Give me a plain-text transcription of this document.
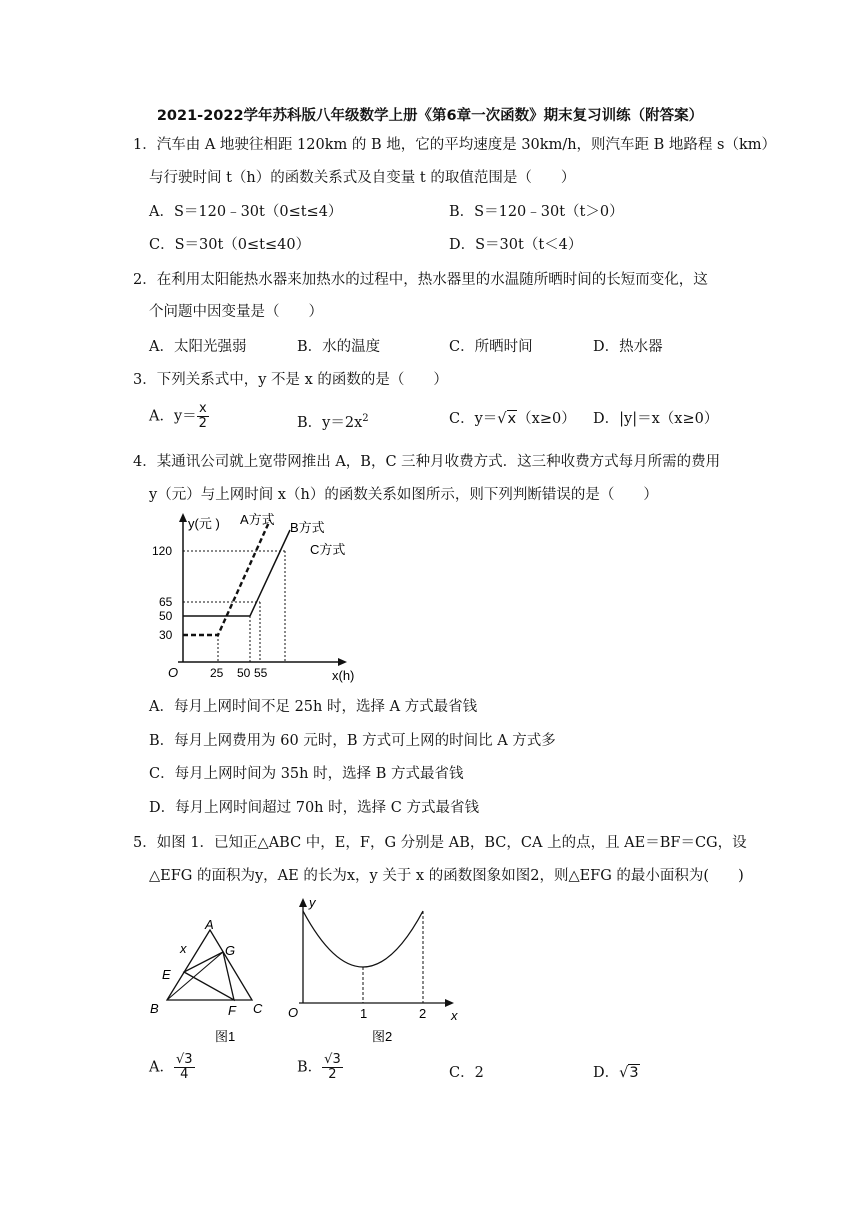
2021-2022学年苏科版八年级数学上册《第6章一次函数》期末复习训练（附答案）
1．汽车由 A 地驶往相距 120km 的 B 地，它的平均速度是 30km/h，则汽车距 B 地路程 s（km）
与行驶时间 t（h）的函数关系式及自变量 t 的取值范围是（　　）
A．S＝120﹣30t（0≤t≤4）	B．S＝120﹣30t（t＞0）
C．S＝30t（0≤t≤40）	D．S＝30t（t＜4）
2．在利用太阳能热水器来加热水的过程中，热水器里的水温随所晒时间的长短而变化，这
个问题中因变量是（　　）
A．太阳光强弱	B．水的温度	C．所晒时间	D．热水器
3．下列关系式中，y 不是 x 的函数的是（　　）
A．$y= \frac{x}{2}$	B．$y=2x^2$	C．y＝√x（x≥0） D．|y|＝x（x≥0）
4．某通讯公司就上宽带网推出 A，B，C 三种月收费方式．这三种收费方式每月所需的费用
y（元）与上网时间 x（h）的函数关系如图所示，则下列判断错误的是（　　）
y(元 ) A方式
B方式
C方式
120
65
50
30
O	25 50 55	x(h)
A．每月上网时间不足 25h 时，选择 A 方式最省钱
B．每月上网费用为 60 元时，B 方式可上网的时间比 A 方式多
C．每月上网时间为 35h 时，选择 B 方式最省钱
D．每月上网时间超过 70h 时，选择 C 方式最省钱
5．如图 1．已知正△ABC 中，E，F，G 分别是 AB，BC，CA 上的点，且 AE＝BF＝CG，设
△EFG 的面积为y，AE 的长为x，y 关于 x 的函数图象如图2，则△EFG 的最小面积为(　　)
A
x	G
E
B	F C
图1
y
O	1	2 x
图2
A． $\frac{√3}{4}$	B． $\frac{√3}{2}$	C．2	D．√3
